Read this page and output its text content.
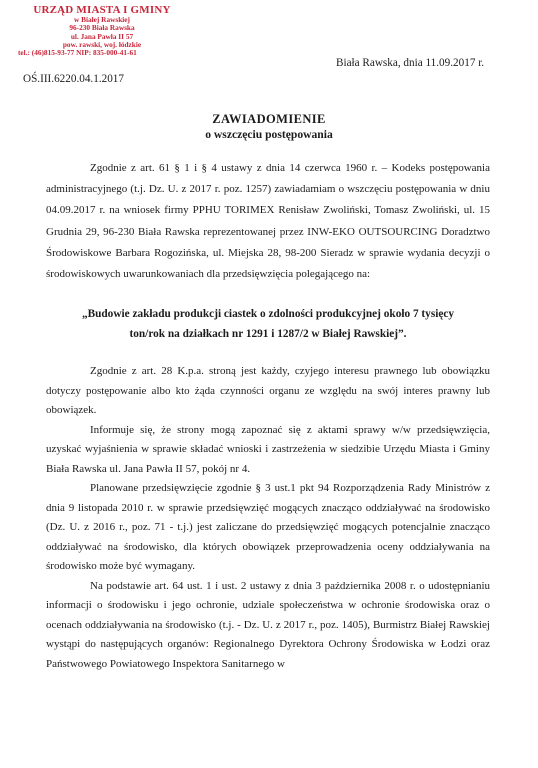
URZĄD MIASTA I GMINY
w Białej Rawskiej
96-230 Biała Rawska
ul. Jana Pawła II 57
pow. rawski, woj. łódzkie
tel.: (46)815-93-77 NIP: 835-000-41-61
Biała Rawska, dnia 11.09.2017 r.
OŚ.III.6220.04.1.2017
ZAWIADOMIENIE
o wszczęciu postępowania

Zgodnie z art. 61 § 1 i § 4 ustawy z dnia 14 czerwca 1960 r. – Kodeks postępowania administracyjnego (t.j. Dz. U. z 2017 r. poz. 1257) zawiadamiam o wszczęciu postępowania w dniu 04.09.2017 r. na wniosek firmy PPHU TORIMEX Renisław Zwoliński, Tomasz Zwoliński, ul. 15 Grudnia 29, 96-230 Biała Rawska reprezentowanej przez INW-EKO OUTSOURCING Doradztwo Środowiskowe Barbara Rogozińska, ul. Miejska 28, 98-200 Sieradz w sprawie wydania decyzji o środowiskowych uwarunkowaniach dla przedsięwzięcia polegającego na:

„Budowie zakładu produkcji ciastek o zdolności produkcyjnej około 7 tysięcy
ton/rok na działkach nr 1291 i 1287/2 w Białej Rawskiej”.

Zgodnie z art. 28 K.p.a. stroną jest każdy, czyjego interesu prawnego lub obowiązku dotyczy postępowanie albo kto żąda czynności organu ze względu na swój interes prawny lub obowiązek.

Informuje się, że strony mogą zapoznać się z aktami sprawy w/w przedsięwzięcia, uzyskać wyjaśnienia w sprawie składać wnioski i zastrzeżenia w siedzibie Urzędu Miasta i Gminy Biała Rawska ul. Jana Pawła II 57, pokój nr 4.

Planowane przedsięwzięcie zgodnie § 3 ust.1 pkt 94 Rozporządzenia Rady Ministrów z dnia 9 listopada 2010 r. w sprawie przedsięwzięć mogących znacząco oddziaływać na środowisko (Dz. U. z 2016 r., poz. 71 - t.j.) jest zaliczane do przedsięwzięć mogących potencjalnie znacząco oddziaływać na środowisko, dla których obowiązek przeprowadzenia oceny oddziaływania na środowisko może być wymagany.

Na podstawie art. 64 ust. 1 i ust. 2 ustawy z dnia 3 października 2008 r. o udostępnianiu informacji o środowisku i jego ochronie, udziale społeczeństwa w ochronie środowiska oraz o ocenach oddziaływania na środowisko (t.j. - Dz. U. z 2017 r., poz. 1405), Burmistrz Białej Rawskiej wystąpi do następujących organów: Regionalnego Dyrektora Ochrony Środowiska w Łodzi oraz Państwowego Powiatowego Inspektora Sanitarnego w
